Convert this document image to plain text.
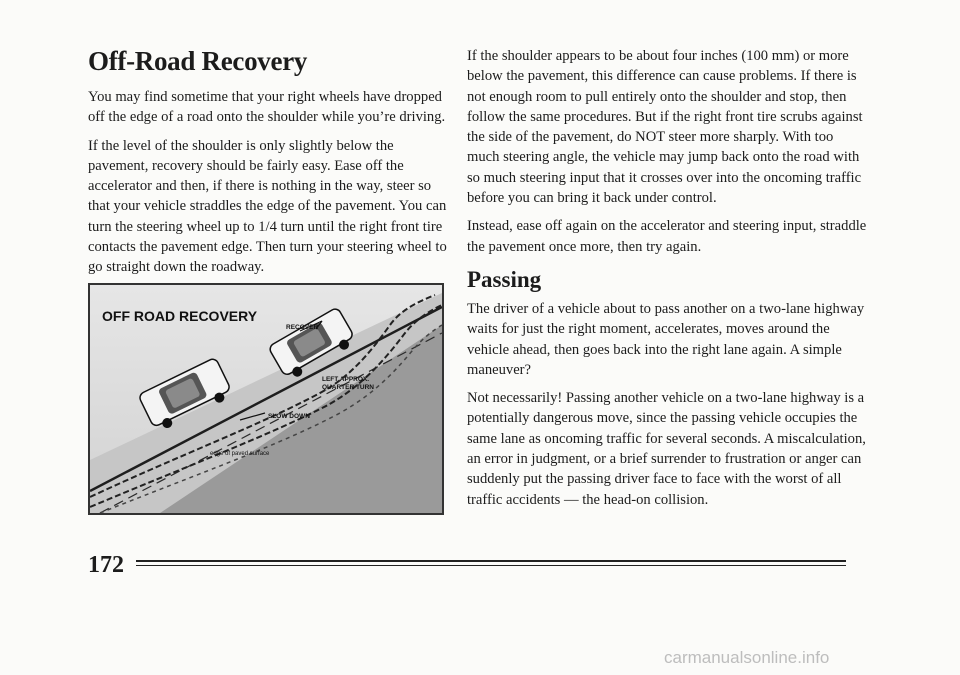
Off-Road Recovery

You may find sometime that your right wheels have dropped off the edge of a road onto the shoulder while you’re driving.

If the level of the shoulder is only slightly below the pavement, recovery should be fairly easy. Ease off the accelerator and then, if there is nothing in the way, steer so that your vehicle straddles the edge of the pavement. You can turn the steering wheel up to 1/4 turn until the right front tire contacts the pavement edge. Then turn your steering wheel to go straight down the roadway.

OFF ROAD RECOVERY
RECOVER
LEFT APPROX.
QUARTER TURN
SLOW DOWN
edge of paved surface

If the shoulder appears to be about four inches (100 mm) or more below the pavement, this difference can cause problems. If there is not enough room to pull entirely onto the shoulder and stop, then follow the same procedures. But if the right front tire scrubs against the side of the pavement, do NOT steer more sharply. With too much steering angle, the vehicle may jump back onto the road with so much steering input that it crosses over into the oncoming traffic before you can bring it back under control.

Instead, ease off again on the accelerator and steering input, straddle the pavement once more, then try again.

Passing

The driver of a vehicle about to pass another on a two-lane highway waits for just the right moment, accelerates, moves around the vehicle ahead, then goes back into the right lane again. A simple maneuver?

Not necessarily! Passing another vehicle on a two-lane highway is a potentially dangerous move, since the passing vehicle occupies the same lane as oncoming traffic for several seconds. A miscalculation, an error in judgment, or a brief surrender to frustration or anger can suddenly put the passing driver face to face with the worst of all traffic accidents — the head-on collision.

172
carmanualsonline.info
